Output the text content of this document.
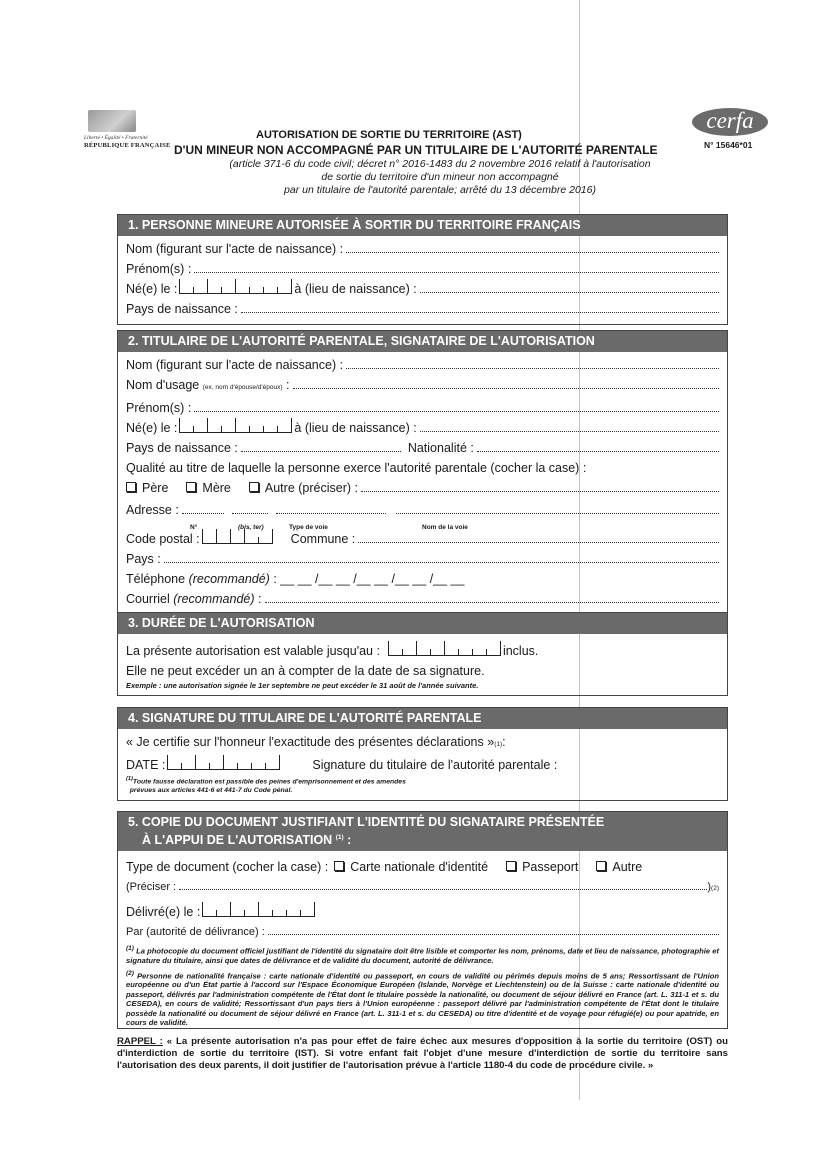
Liberté • Égalité • Fraternité
RÉPUBLIQUE FRANÇAISE
AUTORISATION DE SORTIE DU TERRITOIRE (AST)
D'UN MINEUR NON ACCOMPAGNÉ PAR UN TITULAIRE DE L'AUTORITÉ PARENTALE
(article 371-6 du code civil; décret n° 2016-1483 du 2 novembre 2016 relatif à l'autorisation
de sortie du territoire d'un mineur non accompagné
par un titulaire de l'autorité parentale; arrêté du 13 décembre 2016)
cerfa
N° 15646*01
1. PERSONNE MINEURE AUTORISÉE À SORTIR DU TERRITOIRE FRANÇAIS
Nom (figurant sur l'acte de naissance) :
Prénom(s) :
Né(e) le :	à (lieu de naissance) :
Pays de naissance :
2. TITULAIRE DE L'AUTORITÉ PARENTALE, SIGNATAIRE DE L'AUTORISATION
Nom (figurant sur l'acte de naissance) :
Nom d'usage
(ex. nom d'épouse/d'époux)
:
Prénom(s) :
Né(e) le :	à (lieu de naissance) :
Pays de naissance :
	Nationalité :
Qualité au titre de laquelle la personne exerce l'autorité parentale (cocher la case) :
Père	Mère	Autre (préciser) :
Adresse :
N°	(bis, ter)	Type de voie	Nom de la voie
Code postal :	Commune :
Pays :
Téléphone
(recommandé)
: __ __ /__ __ /__ __ /__ __ /__ __
Courriel
(recommandé)
:
3. DURÉE DE L'AUTORISATION
La présente autorisation est valable jusqu'au :	inclus.
Elle ne peut excéder un an à compter de la date de sa signature.
Exemple : une autorisation signée le 1er septembre ne peut excéder le 31 août de l'année suivante.
4. SIGNATURE DU TITULAIRE DE L'AUTORITÉ PARENTALE
« Je certifie sur l'honneur l'exactitude des présentes déclarations $»_{(1)}$ :
DATE :	Signature du titulaire de l'autorité parentale :
$^{(1)}$Toute fausse déclaration est passible des peines d'emprisonnement et des amendes
prévues aux articles 441-6 et 441-7 du Code pénal.
5. COPIE DU DOCUMENT JUSTIFIANT L'IDENTITÉ DU SIGNATAIRE PRÉSENTÉE
À L'APPUI DE L'AUTORISATION $^{(1)}$ :
Type de document (cocher la case) : Carte nationale d'identité	Passeport	Autre
(Préciser :	) (2)
Délivré(e) le :
Par (autorité de délivrance) :
$^{(1)}$ La photocopie du document officiel justifiant de l'identité du signataire doit être lisible et comporter les nom, prénoms, date et lieu de naissance, photographie et signature du titulaire, ainsi que dates de délivrance et de validité du document, autorité de délivrance.
$^{(2)}$ Personne de nationalité française : carte nationale d'identité ou passeport, en cours de validité ou périmés depuis moins de 5 ans; Ressortissant de l'Union européenne ou d'un État partie à l'accord sur l'Espace Économique Européen (Islande, Norvège et Liechtenstein) ou de la Suisse : carte nationale d'identité ou passeport, délivrés par l'administration compétente de l'État dont le titulaire possède la nationalité, ou document de séjour délivré en France (art. L. 311-1 et s. du CESEDA), en cours de validité; Ressortissant d'un pays tiers à l'Union européenne : passeport délivré par l'administration compétente de l'État dont le titulaire possède la nationalité ou document de séjour délivré en France (art. L. 311-1 et s. du CESEDA) ou titre d'identité et de voyage pour réfugié(e) ou pour apatride, en cours de validité.
RAPPEL : « La présente autorisation n'a pas pour effet de faire échec aux mesures d'opposition à la sortie du territoire (OST) ou d'interdiction de sortie du territoire (IST). Si votre enfant fait l'objet d'une mesure d'interdiction de sortie du territoire sans l'autorisation des deux parents, il doit justifier de l'autorisation prévue à l'article 1180-4 du code de procédure civile. »
